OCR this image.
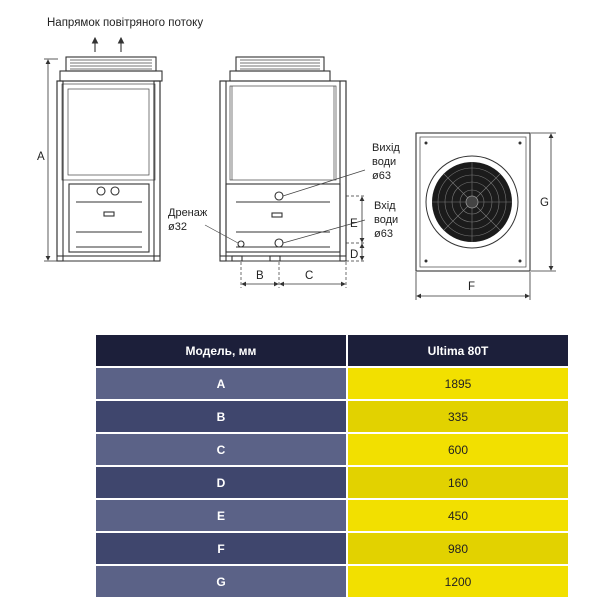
Напрямок повітряного потоку
A
B	C
E
D
Вихід
води
ø63
Вхід
води
ø63
Дренаж
ø32
F
G
Модель, мм	Ultima 80T
A	1895
B	335
C	600
D	160
E	450
F	980
G	1200
